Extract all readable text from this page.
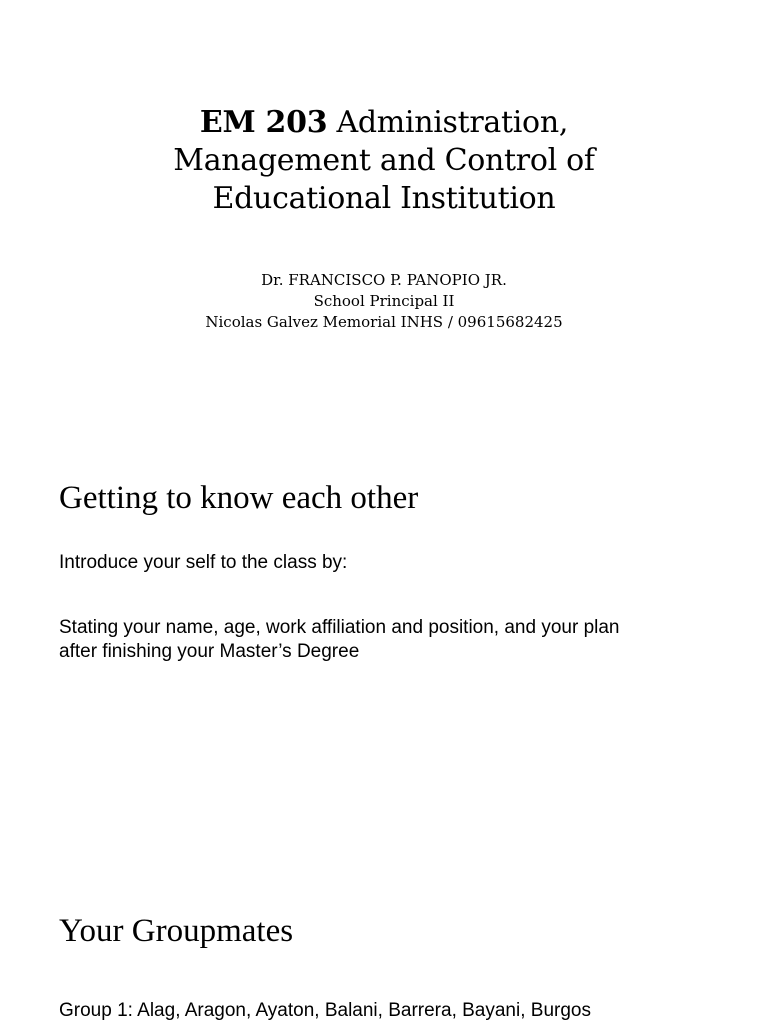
EM 203 Administration,
Management and Control of
Educational Institution
Dr. FRANCISCO P. PANOPIO JR.
School Principal II
Nicolas Galvez Memorial INHS / 09615682425
Getting to know each other
Introduce your self to the class by:
Stating your name, age, work affiliation and position, and your plan
after finishing your Master’s Degree
Your Groupmates
Group 1: Alag, Aragon, Ayaton, Balani, Barrera, Bayani, Burgos
